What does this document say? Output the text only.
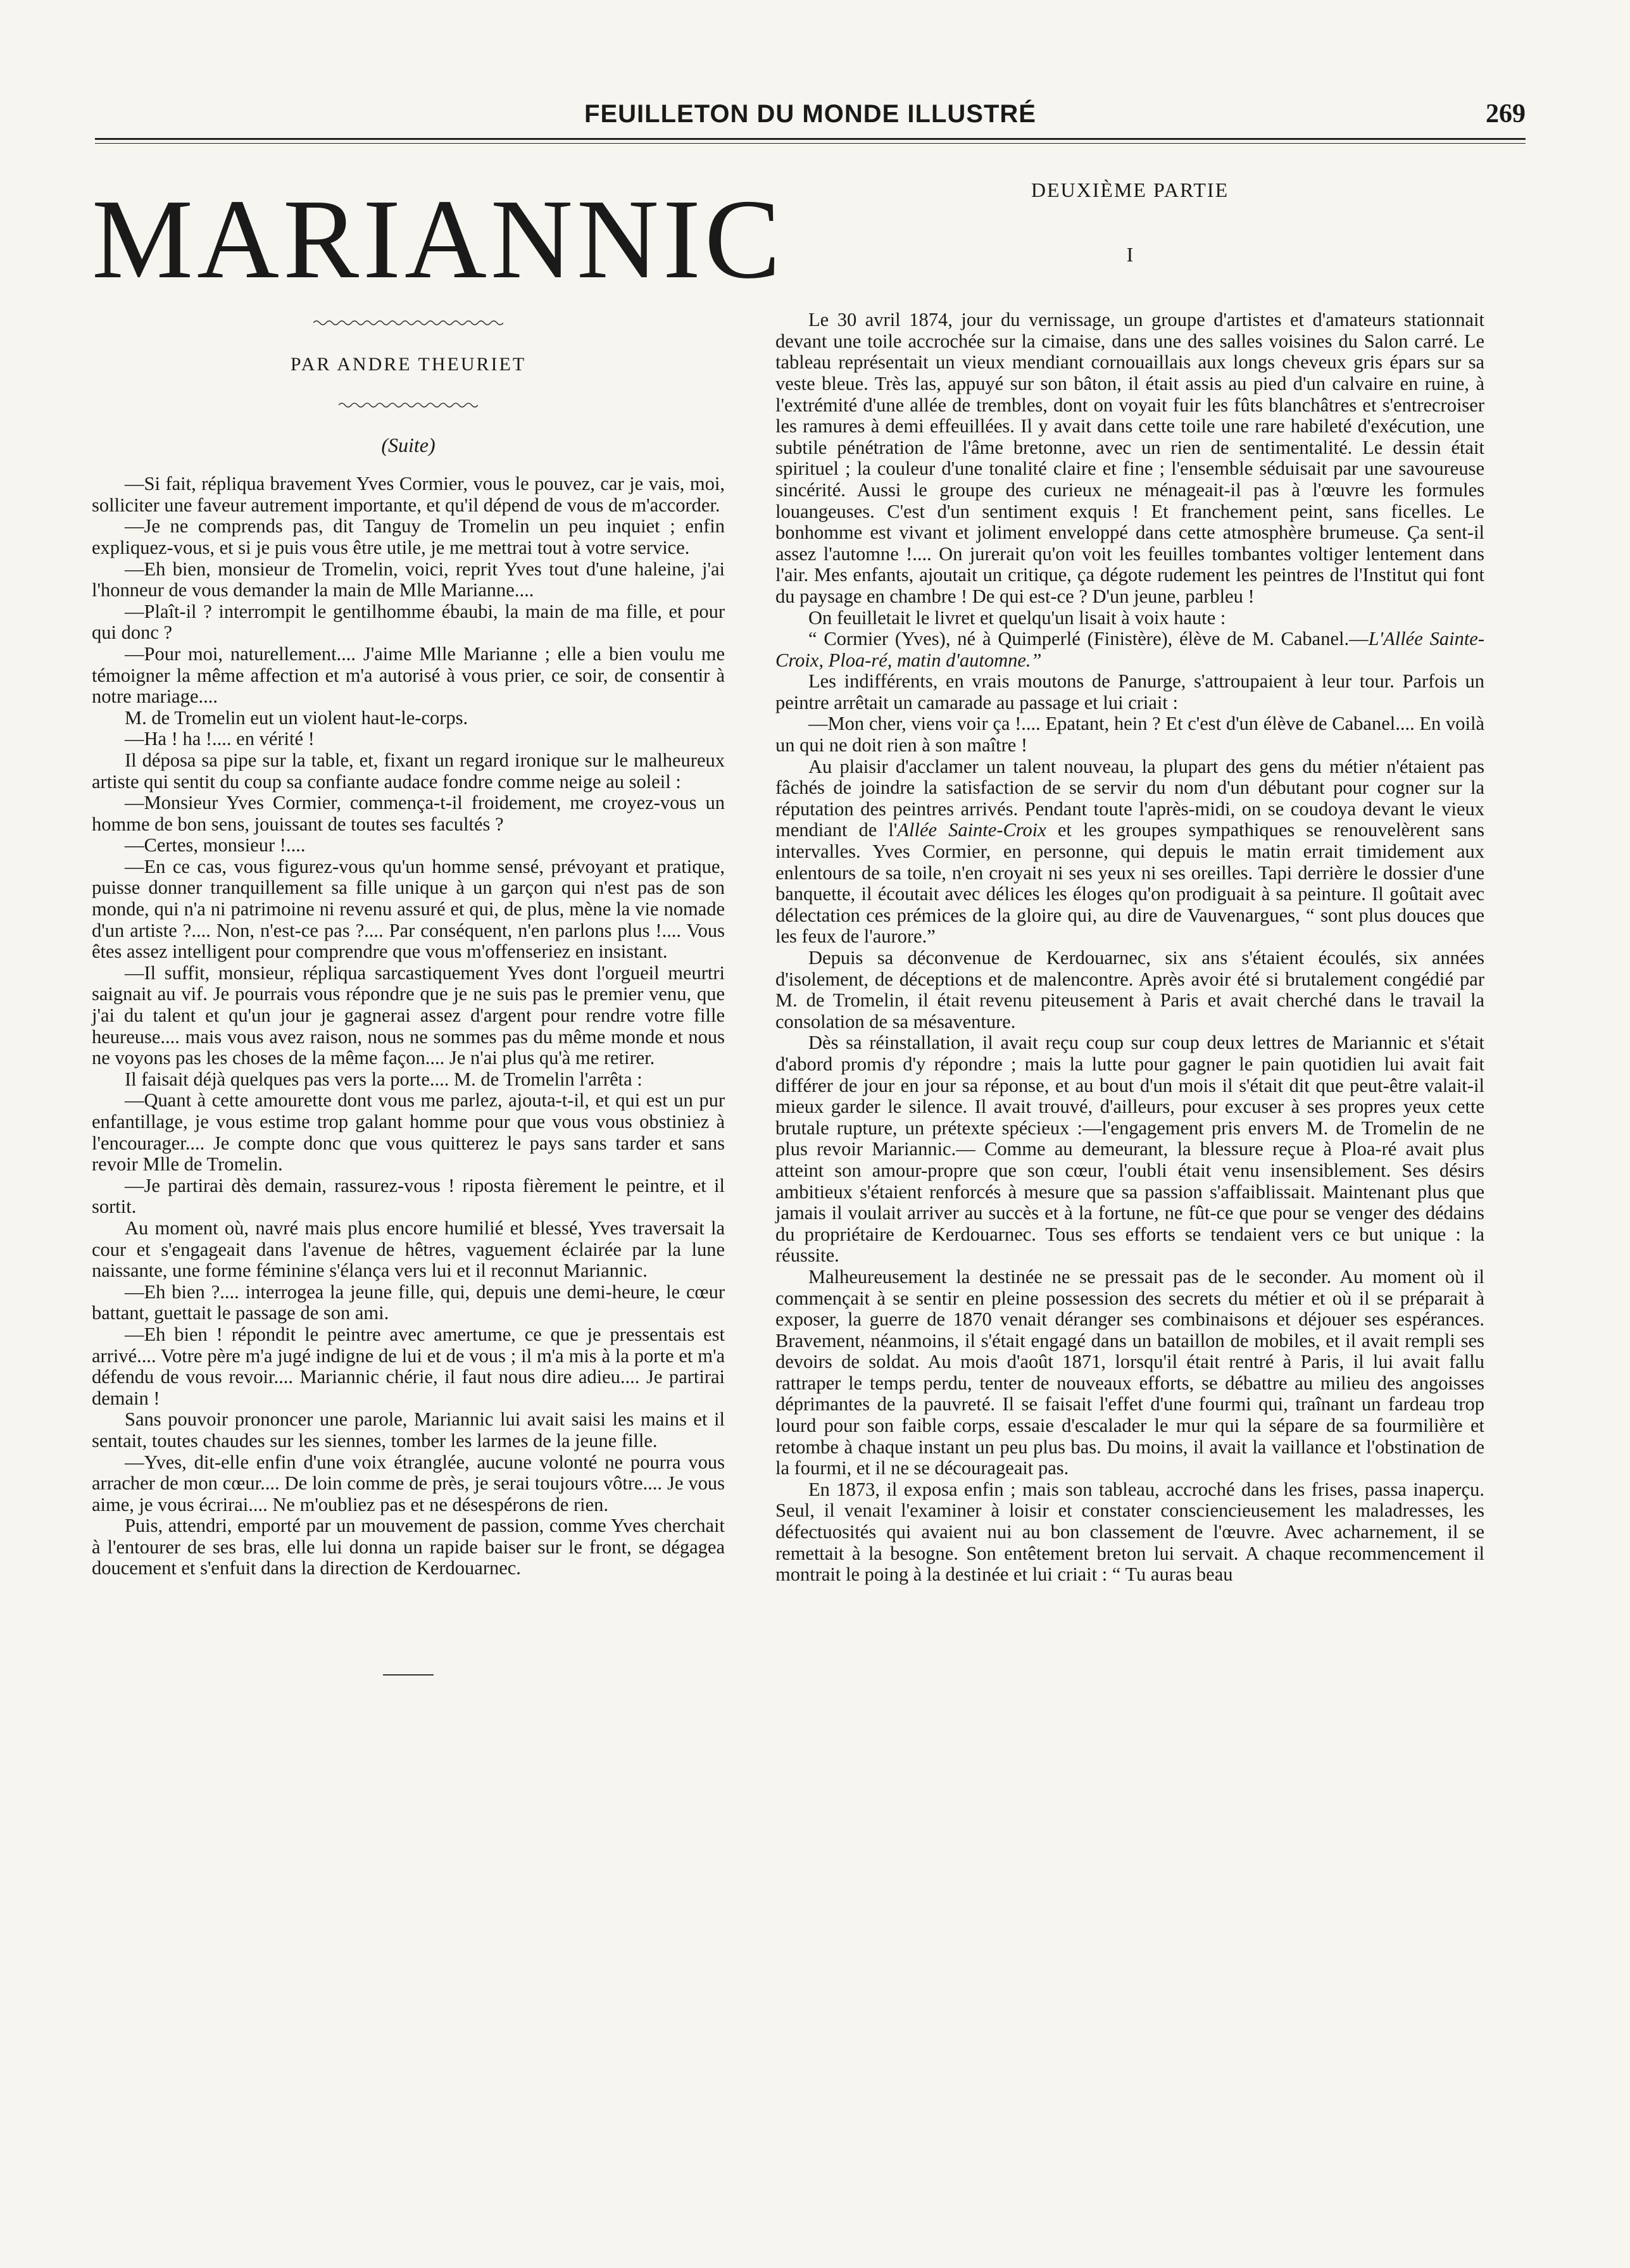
FEUILLETON DU MONDE ILLUSTRÉ	269
MARIANNIC
PAR ANDRE THEURIET
(Suite)

—Si fait, répliqua bravement Yves Cormier, vous le pouvez, car je vais, moi, solliciter une faveur autrement importante, et qu'il dépend de vous de m'accorder.

—Je ne comprends pas, dit Tanguy de Tromelin un peu inquiet ; enfin expliquez-vous, et si je puis vous être utile, je me mettrai tout à votre service.

—Eh bien, monsieur de Tromelin, voici, reprit Yves tout d'une haleine, j'ai l'honneur de vous demander la main de Mlle Marianne....

—Plaît-il ? interrompit le gentilhomme ébaubi, la main de ma fille, et pour qui donc ?

—Pour moi, naturellement.... J'aime Mlle Marianne ; elle a bien voulu me témoigner la même affection et m'a autorisé à vous prier, ce soir, de consentir à notre mariage....

M. de Tromelin eut un violent haut-le-corps.

—Ha ! ha !.... en vérité !

Il déposa sa pipe sur la table, et, fixant un regard ironique sur le malheureux artiste qui sentit du coup sa confiante audace fondre comme neige au soleil :

—Monsieur Yves Cormier, commença-t-il froidement, me croyez-vous un homme de bon sens, jouissant de toutes ses facultés ?

—Certes, monsieur !....

—En ce cas, vous figurez-vous qu'un homme sensé, prévoyant et pratique, puisse donner tranquillement sa fille unique à un garçon qui n'est pas de son monde, qui n'a ni patrimoine ni revenu assuré et qui, de plus, mène la vie nomade d'un artiste ?.... Non, n'est-ce pas ?.... Par conséquent, n'en parlons plus !.... Vous êtes assez intelligent pour comprendre que vous m'offenseriez en insistant.

—Il suffit, monsieur, répliqua sarcastiquement Yves dont l'orgueil meurtri saignait au vif. Je pourrais vous répondre que je ne suis pas le premier venu, que j'ai du talent et qu'un jour je gagnerai assez d'argent pour rendre votre fille heureuse.... mais vous avez raison, nous ne sommes pas du même monde et nous ne voyons pas les choses de la même façon.... Je n'ai plus qu'à me retirer.

Il faisait déjà quelques pas vers la porte.... M. de Tromelin l'arrêta :

—Quant à cette amourette dont vous me parlez, ajouta-t-il, et qui est un pur enfantillage, je vous estime trop galant homme pour que vous vous obstiniez à l'encourager.... Je compte donc que vous quitterez le pays sans tarder et sans revoir Mlle de Tromelin.

—Je partirai dès demain, rassurez-vous ! riposta fièrement le peintre, et il sortit.

Au moment où, navré mais plus encore humilié et blessé, Yves traversait la cour et s'engageait dans l'avenue de hêtres, vaguement éclairée par la lune naissante, une forme féminine s'élança vers lui et il reconnut Mariannic.

—Eh bien ?.... interrogea la jeune fille, qui, depuis une demi-heure, le cœur battant, guettait le passage de son ami.

—Eh bien ! répondit le peintre avec amertume, ce que je pressentais est arrivé.... Votre père m'a jugé indigne de lui et de vous ; il m'a mis à la porte et m'a défendu de vous revoir.... Mariannic chérie, il faut nous dire adieu.... Je partirai demain !

Sans pouvoir prononcer une parole, Mariannic lui avait saisi les mains et il sentait, toutes chaudes sur les siennes, tomber les larmes de la jeune fille.

—Yves, dit-elle enfin d'une voix étranglée, aucune volonté ne pourra vous arracher de mon cœur.... De loin comme de près, je serai toujours vôtre.... Je vous aime, je vous écrirai.... Ne m'oubliez pas et ne désespérons de rien.

Puis, attendri, emporté par un mouvement de passion, comme Yves cherchait à l'entourer de ses bras, elle lui donna un rapide baiser sur le front, se dégagea doucement et s'enfuit dans la direction de Kerdouarnec.

DEUXIÈME PARTIE
I

Le 30 avril 1874, jour du vernissage, un groupe d'artistes et d'amateurs stationnait devant une toile accrochée sur la cimaise, dans une des salles voisines du Salon carré. Le tableau représentait un vieux mendiant cornouaillais aux longs cheveux gris épars sur sa veste bleue. Très las, appuyé sur son bâton, il était assis au pied d'un calvaire en ruine, à l'extrémité d'une allée de trembles, dont on voyait fuir les fûts blanchâtres et s'entrecroiser les ramures à demi effeuillées. Il y avait dans cette toile une rare habileté d'exécution, une subtile pénétration de l'âme bretonne, avec un rien de sentimentalité. Le dessin était spirituel ; la couleur d'une tonalité claire et fine ; l'ensemble séduisait par une savoureuse sincérité. Aussi le groupe des curieux ne ménageait-il pas à l'œuvre les formules louangeuses. C'est d'un sentiment exquis ! Et franchement peint, sans ficelles. Le bonhomme est vivant et joliment enveloppé dans cette atmosphère brumeuse. Ça sent-il assez l'automne !.... On jurerait qu'on voit les feuilles tombantes voltiger lentement dans l'air. Mes enfants, ajoutait un critique, ça dégote rudement les peintres de l'Institut qui font du paysage en chambre ! De qui est-ce ? D'un jeune, parbleu !

On feuilletait le livret et quelqu'un lisait à voix haute :

“ Cormier (Yves), né à Quimperlé (Finistère), élève de M. Cabanel.—L'Allée Sainte-Croix, Ploa-ré, matin d'automne.”

Les indifférents, en vrais moutons de Panurge, s'attroupaient à leur tour. Parfois un peintre arrêtait un camarade au passage et lui criait :

—Mon cher, viens voir ça !.... Epatant, hein ? Et c'est d'un élève de Cabanel.... En voilà un qui ne doit rien à son maître !

Au plaisir d'acclamer un talent nouveau, la plupart des gens du métier n'étaient pas fâchés de joindre la satisfaction de se servir du nom d'un débutant pour cogner sur la réputation des peintres arrivés. Pendant toute l'après-midi, on se coudoya devant le vieux mendiant de l'Allée Sainte-Croix et les groupes sympathiques se renouvelèrent sans intervalles. Yves Cormier, en personne, qui depuis le matin errait timidement aux enlentours de sa toile, n'en croyait ni ses yeux ni ses oreilles. Tapi derrière le dossier d'une banquette, il écoutait avec délices les éloges qu'on prodiguait à sa peinture. Il goûtait avec délectation ces prémices de la gloire qui, au dire de Vauvenargues, “ sont plus douces que les feux de l'aurore.”

Depuis sa déconvenue de Kerdouarnec, six ans s'étaient écoulés, six années d'isolement, de déceptions et de malencontre. Après avoir été si brutalement congédié par M. de Tromelin, il était revenu piteusement à Paris et avait cherché dans le travail la consolation de sa mésaventure.

Dès sa réinstallation, il avait reçu coup sur coup deux lettres de Mariannic et s'était d'abord promis d'y répondre ; mais la lutte pour gagner le pain quotidien lui avait fait différer de jour en jour sa réponse, et au bout d'un mois il s'était dit que peut-être valait-il mieux garder le silence. Il avait trouvé, d'ailleurs, pour excuser à ses propres yeux cette brutale rupture, un prétexte spécieux :—l'engagement pris envers M. de Tromelin de ne plus revoir Mariannic.— Comme au demeurant, la blessure reçue à Ploa-ré avait plus atteint son amour-propre que son cœur, l'oubli était venu insensiblement. Ses désirs ambitieux s'étaient renforcés à mesure que sa passion s'affaiblissait. Maintenant plus que jamais il voulait arriver au succès et à la fortune, ne fût-ce que pour se venger des dédains du propriétaire de Kerdouarnec. Tous ses efforts se tendaient vers ce but unique : la réussite.

Malheureusement la destinée ne se pressait pas de le seconder. Au moment où il commençait à se sentir en pleine possession des secrets du métier et où il se préparait à exposer, la guerre de 1870 venait déranger ses combinaisons et déjouer ses espérances. Bravement, néanmoins, il s'était engagé dans un bataillon de mobiles, et il avait rempli ses devoirs de soldat. Au mois d'août 1871, lorsqu'il était rentré à Paris, il lui avait fallu rattraper le temps perdu, tenter de nouveaux efforts, se débattre au milieu des angoisses déprimantes de la pauvreté. Il se faisait l'effet d'une fourmi qui, traînant un fardeau trop lourd pour son faible corps, essaie d'escalader le mur qui la sépare de sa fourmilière et retombe à chaque instant un peu plus bas. Du moins, il avait la vaillance et l'obstination de la fourmi, et il ne se décourageait pas.

En 1873, il exposa enfin ; mais son tableau, accroché dans les frises, passa inaperçu. Seul, il venait l'examiner à loisir et constater consciencieusement les maladresses, les défectuosités qui avaient nui au bon classement de l'œuvre. Avec acharnement, il se remettait à la besogne. Son entêtement breton lui servait. A chaque recommencement il montrait le poing à la destinée et lui criait : “ Tu auras beau
